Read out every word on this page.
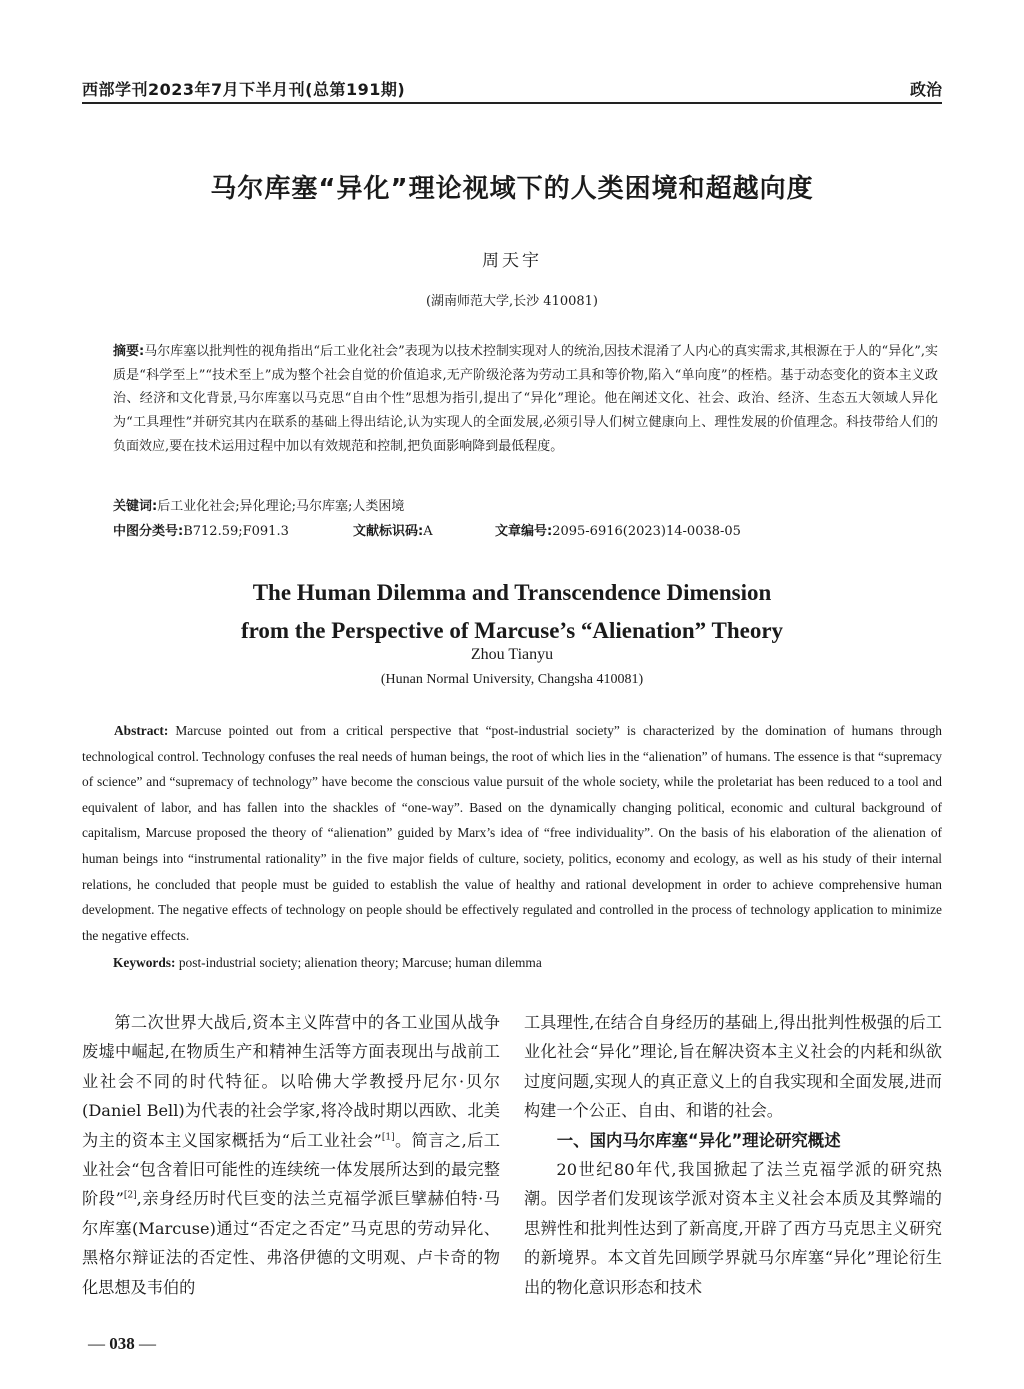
西部学刊2023年7月下半月刊(总第191期)	政治
马尔库塞“异化”理论视域下的人类困境和超越向度
周天宇
(湖南师范大学,长沙 410081)
摘要:马尔库塞以批判性的视角指出“后工业化社会”表现为以技术控制实现对人的统治,因技术混淆了人内心的真实需求,其根源在于人的“异化”,实质是“科学至上”“技术至上”成为整个社会自觉的价值追求,无产阶级沦落为劳动工具和等价物,陷入“单向度”的桎梏。基于动态变化的资本主义政治、经济和文化背景,马尔库塞以马克思“自由个性”思想为指引,提出了“异化”理论。他在阐述文化、社会、政治、经济、生态五大领域人异化为“工具理性”并研究其内在联系的基础上得出结论,认为实现人的全面发展,必须引导人们树立健康向上、理性发展的价值理念。科技带给人们的负面效应,要在技术运用过程中加以有效规范和控制,把负面影响降到最低程度。
关键词:后工业化社会;异化理论;马尔库塞;人类困境
中图分类号:B712.59;F091.3	文献标识码:A	文章编号:2095-6916(2023)14-0038-05
The Human Dilemma and Transcendence Dimension
from the Perspective of Marcuse’s “Alienation” Theory
Zhou Tianyu
(Hunan Normal University, Changsha 410081)
Abstract: Marcuse pointed out from a critical perspective that “post-industrial society” is characterized by the domination of humans through technological control. Technology confuses the real needs of human beings, the root of which lies in the “alienation” of humans. The essence is that “supremacy of science” and “supremacy of technology” have become the conscious value pursuit of the whole society, while the proletariat has been reduced to a tool and equivalent of labor, and has fallen into the shackles of “one-way”. Based on the dynamically changing political, economic and cultural background of capitalism, Marcuse proposed the theory of “alienation” guided by Marx’s idea of “free individuality”. On the basis of his elaboration of the alienation of human beings into “instrumental rationality” in the five major fields of culture, society, politics, economy and ecology, as well as his study of their internal relations, he concluded that people must be guided to establish the value of healthy and rational development in order to achieve comprehensive human development. The negative effects of technology on people should be effectively regulated and controlled in the process of technology application to minimize the negative effects.
Keywords: post-industrial society; alienation theory; Marcuse; human dilemma

第二次世界大战后,资本主义阵营中的各工业国从战争废墟中崛起,在物质生产和精神生活等方面表现出与战前工业社会不同的时代特征。以哈佛大学教授丹尼尔·贝尔(Daniel Bell)为代表的社会学家,将冷战时期以西欧、北美为主的资本主义国家概括为“后工业社会”[1]。简言之,后工业社会“包含着旧可能性的连续统一体发展所达到的最完整阶段”[2],亲身经历时代巨变的法兰克福学派巨擘赫伯特·马尔库塞(Marcuse)通过“否定之否定”马克思的劳动异化、黑格尔辩证法的否定性、弗洛伊德的文明观、卢卡奇的物化思想及韦伯的

工具理性,在结合自身经历的基础上,得出批判性极强的后工业化社会“异化”理论,旨在解决资本主义社会的内耗和纵欲过度问题,实现人的真正意义上的自我实现和全面发展,进而构建一个公正、自由、和谐的社会。

一、国内马尔库塞“异化”理论研究概述

20世纪80年代,我国掀起了法兰克福学派的研究热潮。因学者们发现该学派对资本主义社会本质及其弊端的思辨性和批判性达到了新高度,开辟了西方马克思主义研究的新境界。本文首先回顾学界就马尔库塞“异化”理论衍生出的物化意识形态和技术

— 038 —
